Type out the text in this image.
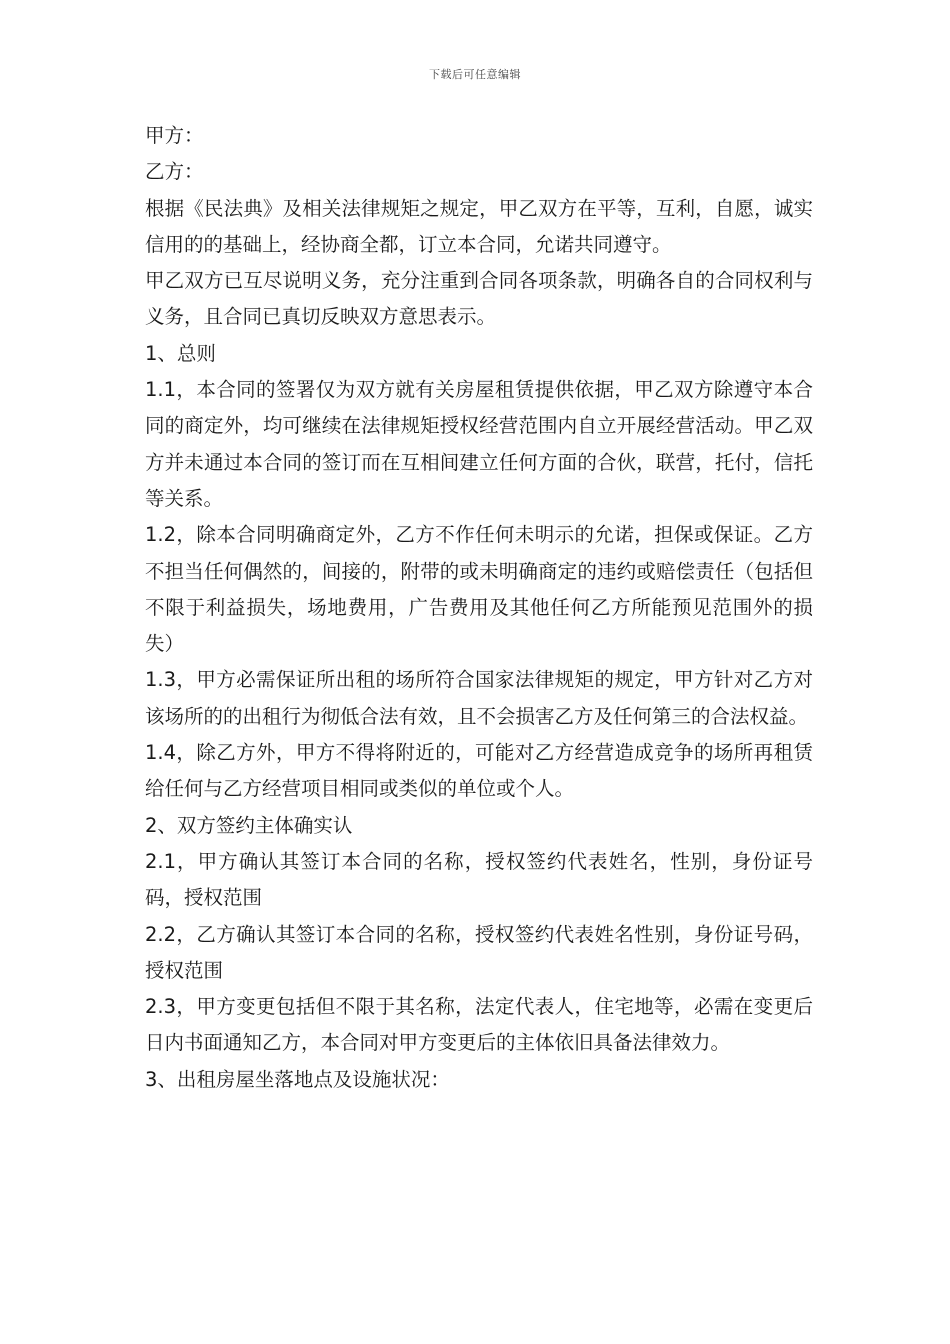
下载后可任意编辑

甲方：

乙方：

根据《民法典》及相关法律规矩之规定，甲乙双方在平等，互利，自愿，诚实信用的的基础上，经协商全都，订立本合同，允诺共同遵守。

甲乙双方已互尽说明义务，充分注重到合同各项条款，明确各自的合同权利与义务，且合同已真切反映双方意思表示。

1、总则

1.1，本合同的签署仅为双方就有关房屋租赁提供依据，甲乙双方除遵守本合同的商定外，均可继续在法律规矩授权经营范围内自立开展经营活动。甲乙双方并未通过本合同的签订而在互相间建立任何方面的合伙，联营，托付，信托等关系。

1.2，除本合同明确商定外，乙方不作任何未明示的允诺，担保或保证。乙方不担当任何偶然的，间接的，附带的或未明确商定的违约或赔偿责任（包括但不限于利益损失，场地费用，广告费用及其他任何乙方所能预见范围外的损失）

1.3，甲方必需保证所出租的场所符合国家法律规矩的规定，甲方针对乙方对该场所的的出租行为彻低合法有效，且不会损害乙方及任何第三的合法权益。

1.4，除乙方外，甲方不得将附近的，可能对乙方经营造成竞争的场所再租赁给任何与乙方经营项目相同或类似的单位或个人。

2、双方签约主体确实认

2.1，甲方确认其签订本合同的名称，授权签约代表姓名，性别，身份证号码，授权范围

2.2，乙方确认其签订本合同的名称，授权签约代表姓名性别，身份证号码，授权范围

2.3，甲方变更包括但不限于其名称，法定代表人，住宅地等，必需在变更后日内书面通知乙方，本合同对甲方变更后的主体依旧具备法律效力。

3、出租房屋坐落地点及设施状况：
